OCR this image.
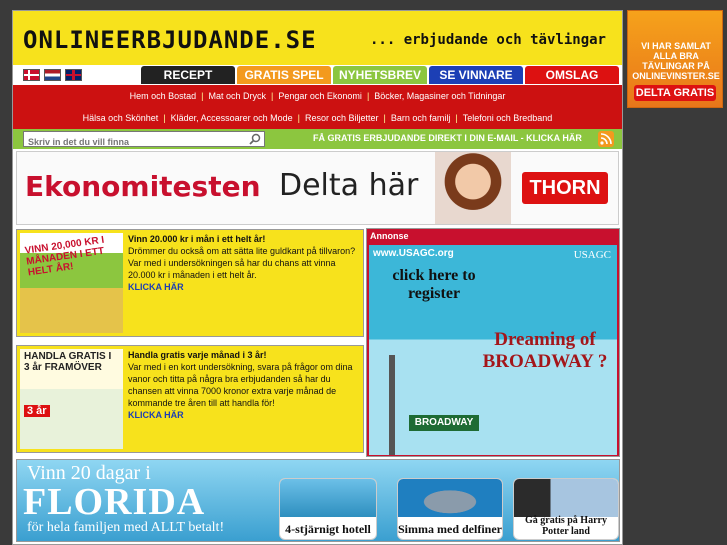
ONLINEERBJUDANDE.SE	... erbjudande och tävlingar
RECEPT	GRATIS SPEL	NYHETSBREV	SE VINNARE	OMSLAG
Hem och Bostad | Mat och Dryck | Pengar och Ekonomi | Böcker, Magasiner och Tidningar
Hälsa och Skönhet | Kläder, Accessoarer och Mode | Resor och Biljetter | Barn och familj | Telefoni och Bredband
Skriv in det du vill finna
FÅ GRATIS ERBJUDANDE DIREKT I DIN E-MAIL - KLICKA HÄR
Ekonomitesten Delta här	THORN
VINN 20,000 KR I MÅNADEN I ETT HELT ÅR!
Vinn 20.000 kr i mån i ett helt år!
Drömmer du också om att sätta lite guldkant på tillvaron? Var med i undersökningen så har du chans att vinna 20.000 kr i månaden i ett helt år.
KLICKA HÄR
HANDLA GRATIS I 3 år FRAMÖVER
3 år
Handla gratis varje månad i 3 år!
Var med i en kort undersökning, svara på frågor om dina vanor och titta på några bra erbjudanden så har du chansen att vinna 7000 kronor extra varje månad de kommande tre åren till att handla för!
KLICKA HÄR
Annonse
www.USAGC.org	USAGC
click here to register
Dreaming of BROADWAY ?
BROADWAY
Vinn 20 dagar i
FLORIDA
för hela familjen med ALLT betalt!	4-stjärnigt hotell	Simma med delfiner
Gå gratis på Harry Potter land
VI HAR SAMLAT ALLA BRA TÄVLINGAR PÅ ONLINEVINSTER.SE
DELTA GRATIS
